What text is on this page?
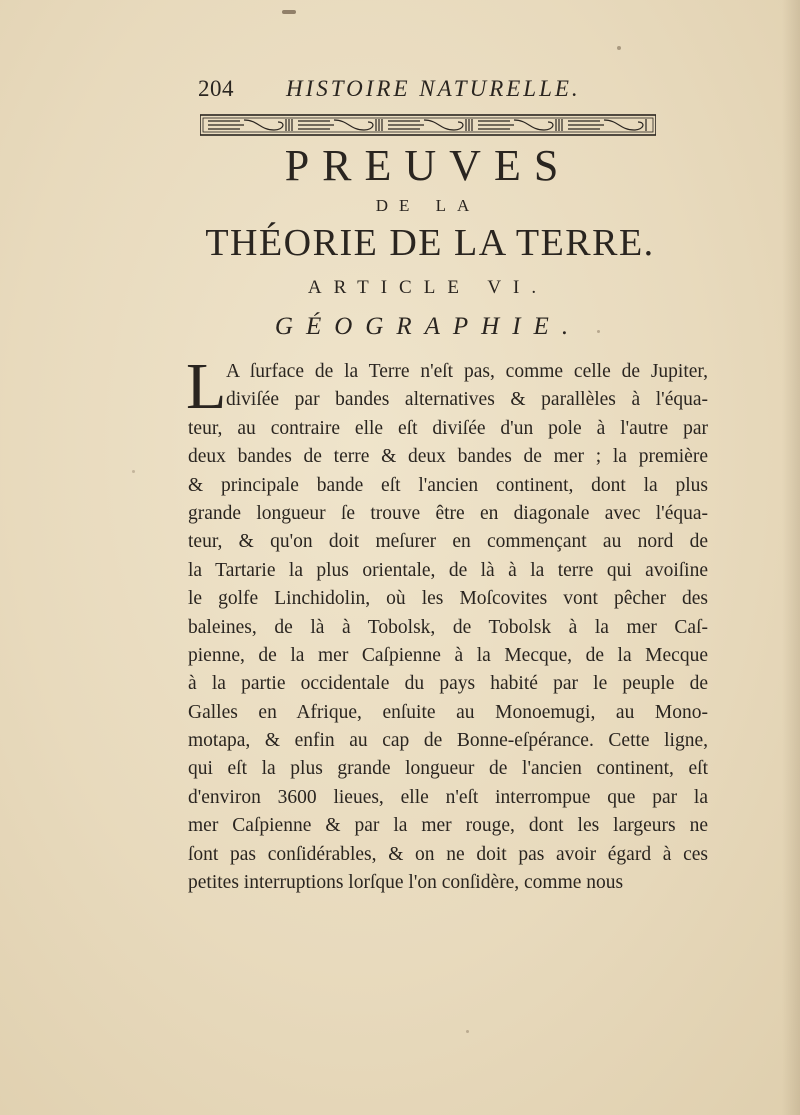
204 HISTOIRE NATURELLE.
PREUVES
DE LA
THÉORIE DE LA TERRE.
ARTICLE VI.
GÉOGRAPHIE.
L A ſurface de la Terre n'eſt pas, comme celle de Jupiter,
diviſée par bandes alternatives & parallèles à l'équa-
teur, au contraire elle eſt diviſée d'un pole à l'autre par
deux bandes de terre & deux bandes de mer ; la première
& principale bande eſt l'ancien continent, dont la plus
grande longueur ſe trouve être en diagonale avec l'équa-
teur, & qu'on doit meſurer en commençant au nord de
la Tartarie la plus orientale, de là à la terre qui avoiſine
le golfe Linchidolin, où les Moſcovites vont pêcher des
baleines, de là à Tobolsk, de Tobolsk à la mer Caſ-
pienne, de la mer Caſpienne à la Mecque, de la Mecque
à la partie occidentale du pays habité par le peuple de
Galles en Afrique, enſuite au Monoemugi, au Mono-
motapa, & enfin au cap de Bonne-eſpérance. Cette ligne,
qui eſt la plus grande longueur de l'ancien continent, eſt
d'environ 3600 lieues, elle n'eſt interrompue que par la
mer Caſpienne & par la mer rouge, dont les largeurs ne
ſont pas conſidérables, & on ne doit pas avoir égard à ces
petites interruptions lorſque l'on conſidère, comme nous
